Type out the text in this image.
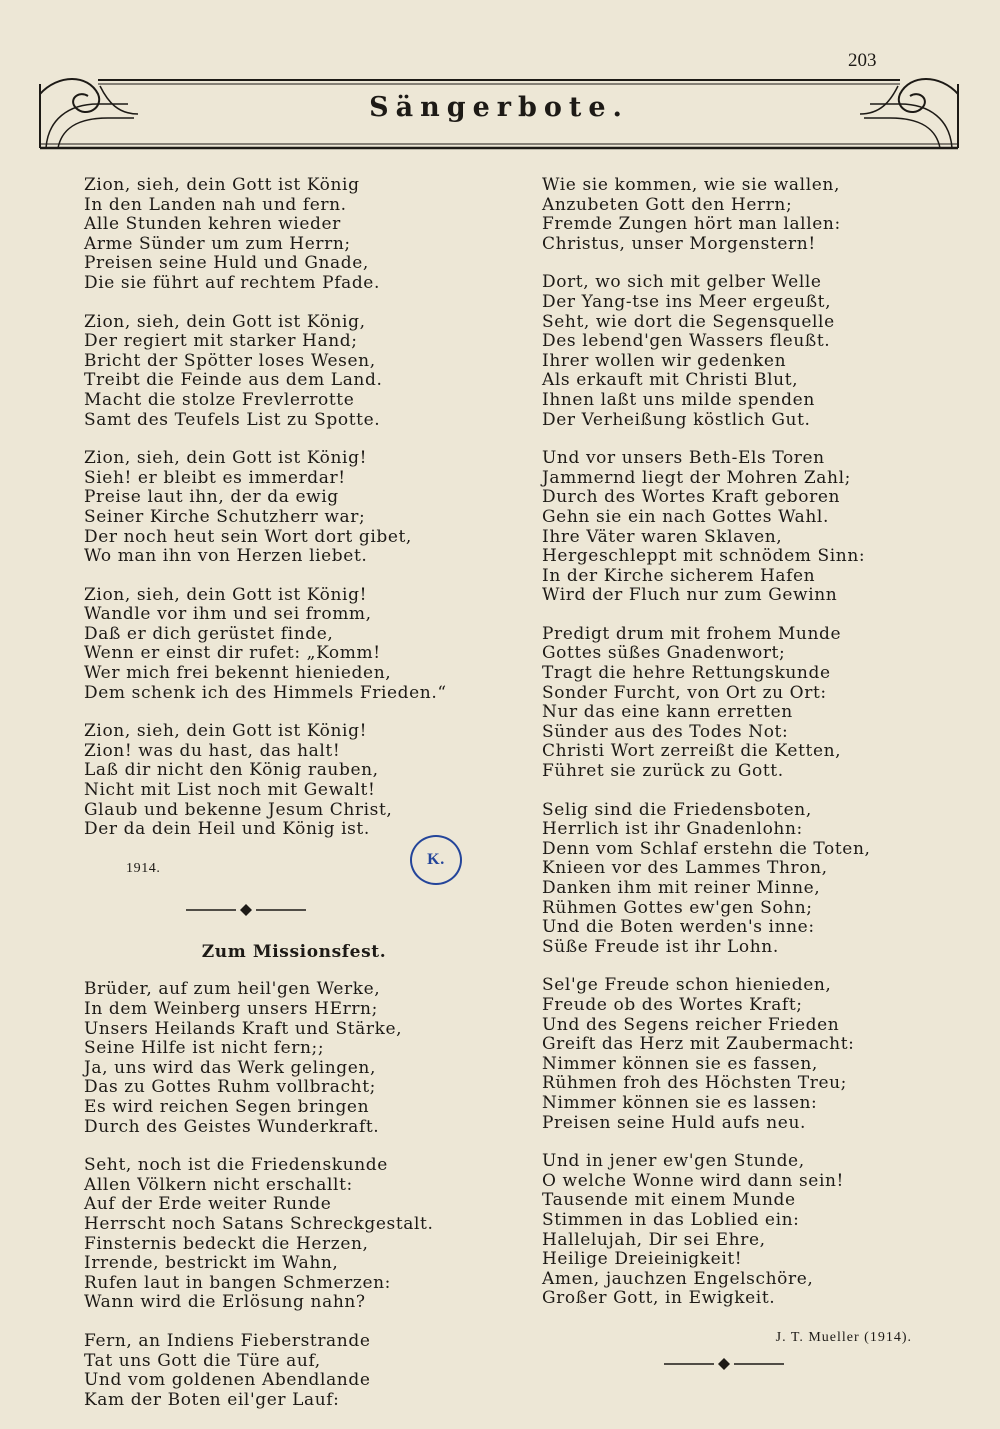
203
Sängerbote.
Zion, sieh, dein Gott ist König
In den Landen nah und fern.
Alle Stunden kehren wieder
Arme Sünder um zum Herrn;
Preisen seine Huld und Gnade,
Die sie führt auf rechtem Pfade.
Zion, sieh, dein Gott ist König,
Der regiert mit starker Hand;
Bricht der Spötter loses Wesen,
Treibt die Feinde aus dem Land.
Macht die stolze Frevlerrotte
Samt des Teufels List zu Spotte.
Zion, sieh, dein Gott ist König!
Sieh! er bleibt es immerdar!
Preise laut ihn, der da ewig
Seiner Kirche Schutzherr war;
Der noch heut sein Wort dort gibet,
Wo man ihn von Herzen liebet.
Zion, sieh, dein Gott ist König!
Wandle vor ihm und sei fromm,
Daß er dich gerüstet finde,
Wenn er einst dir rufet: „Komm!
Wer mich frei bekennt hienieden,
Dem schenk ich des Himmels Frieden.“
Zion, sieh, dein Gott ist König!
Zion! was du hast, das halt!
Laß dir nicht den König rauben,
Nicht mit List noch mit Gewalt!
Glaub und bekenne Jesum Christ,
Der da dein Heil und König ist.
1914.
K.
Zum Missionsfest.
Brüder, auf zum heil'gen Werke,
In dem Weinberg unsers HErrn;
Unsers Heilands Kraft und Stärke,
Seine Hilfe ist nicht fern;;
Ja, uns wird das Werk gelingen,
Das zu Gottes Ruhm vollbracht;
Es wird reichen Segen bringen
Durch des Geistes Wunderkraft.
Seht, noch ist die Friedenskunde
Allen Völkern nicht erschallt:
Auf der Erde weiter Runde
Herrscht noch Satans Schreckgestalt.
Finsternis bedeckt die Herzen,
Irrende, bestrickt im Wahn,
Rufen laut in bangen Schmerzen:
Wann wird die Erlösung nahn?
Fern, an Indiens Fieberstrande
Tat uns Gott die Türe auf,
Und vom goldenen Abendlande
Kam der Boten eil'ger Lauf:
Wie sie kommen, wie sie wallen,
Anzubeten Gott den Herrn;
Fremde Zungen hört man lallen:
Christus, unser Morgenstern!
Dort, wo sich mit gelber Welle
Der Yang-tse ins Meer ergeußt,
Seht, wie dort die Segensquelle
Des lebend'gen Wassers fleußt.
Ihrer wollen wir gedenken
Als erkauft mit Christi Blut,
Ihnen laßt uns milde spenden
Der Verheißung köstlich Gut.
Und vor unsers Beth-Els Toren
Jammernd liegt der Mohren Zahl;
Durch des Wortes Kraft geboren
Gehn sie ein nach Gottes Wahl.
Ihre Väter waren Sklaven,
Hergeschleppt mit schnödem Sinn:
In der Kirche sicherem Hafen
Wird der Fluch nur zum Gewinn
Predigt drum mit frohem Munde
Gottes süßes Gnadenwort;
Tragt die hehre Rettungskunde
Sonder Furcht, von Ort zu Ort:
Nur das eine kann erretten
Sünder aus des Todes Not:
Christi Wort zerreißt die Ketten,
Führet sie zurück zu Gott.
Selig sind die Friedensboten,
Herrlich ist ihr Gnadenlohn:
Denn vom Schlaf erstehn die Toten,
Knieen vor des Lammes Thron,
Danken ihm mit reiner Minne,
Rühmen Gottes ew'gen Sohn;
Und die Boten werden's inne:
Süße Freude ist ihr Lohn.
Sel'ge Freude schon hienieden,
Freude ob des Wortes Kraft;
Und des Segens reicher Frieden
Greift das Herz mit Zaubermacht:
Nimmer können sie es fassen,
Rühmen froh des Höchsten Treu;
Nimmer können sie es lassen:
Preisen seine Huld aufs neu.
Und in jener ew'gen Stunde,
O welche Wonne wird dann sein!
Tausende mit einem Munde
Stimmen in das Loblied ein:
Hallelujah, Dir sei Ehre,
Heilige Dreieinigkeit!
Amen, jauchzen Engelschöre,
Großer Gott, in Ewigkeit.
J. T. Mueller (1914).
